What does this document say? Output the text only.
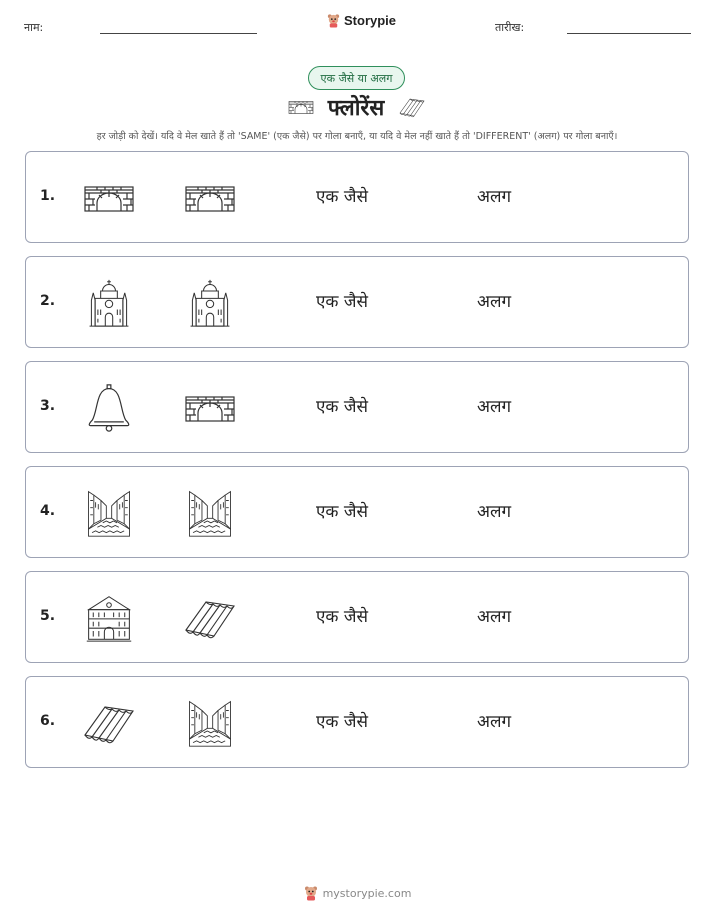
नाम:	Storypie	तारीख:
एक जैसे या अलग
फ्लोरेंस
हर जोड़ी को देखें। यदि वे मेल खाते हैं तो 'SAME' (एक जैसे) पर गोला बनाएँ, या यदि वे मेल नहीं खाते हैं तो 'DIFFERENT' (अलग) पर गोला बनाएँ।
1.	एक जैसे	अलग
2.	एक जैसे	अलग
3.	एक जैसे	अलग
4.	एक जैसे	अलग
5.	एक जैसे	अलग
6.	एक जैसे	अलग
mystorypie.com
